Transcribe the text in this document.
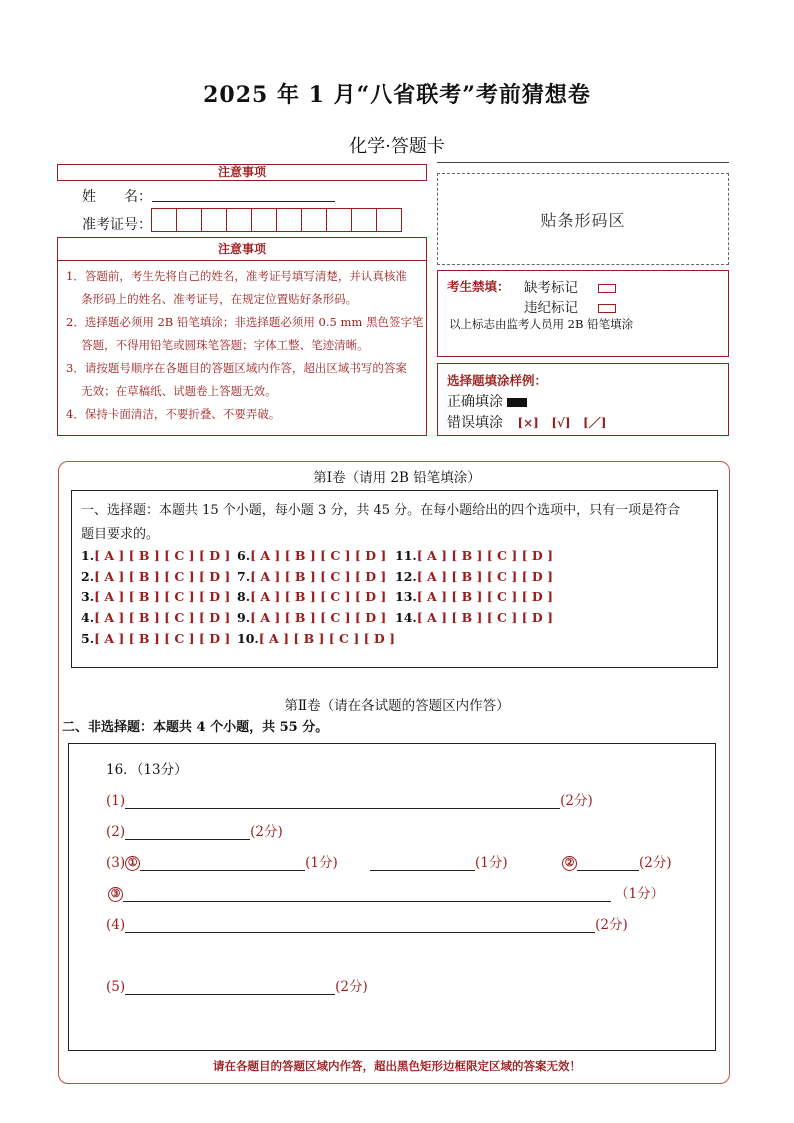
2025 年 1 月“八省联考”考前猜想卷
化学·答题卡
注意事项
姓　　名：
准考证号：
注意事项
1．答题前，考生先将自己的姓名，准考证号填写清楚，并认真核准
　 条形码上的姓名、准考证号，在规定位置贴好条形码。
2．选择题必须用 2B 铅笔填涂；非选择题必须用 0.5 mm 黑色签字笔
　 答题，不得用铅笔或圆珠笔答题；字体工整、笔迹清晰。
3．请按题号顺序在各题目的答题区域内作答，超出区域书写的答案
　 无效；在草稿纸、试题卷上答题无效。
4．保持卡面清洁，不要折叠、不要弄破。
贴条形码区
考生禁填： 缺考标记
违纪标记
以上标志由监考人员用 2B 铅笔填涂
选择题填涂样例：
正确填涂
错误填涂 [×] [√] [／]
第Ⅰ卷（请用 2B 铅笔填涂）
一、选择题：本题共 15 个小题，每小题 3 分，共 45 分。在每小题给出的四个选项中，只有一项是符合
题目要求的。
1.[ A ] [ B ] [ C ] [ D ]
2.[ A ] [ B ] [ C ] [ D ]
3.[ A ] [ B ] [ C ] [ D ]
4.[ A ] [ B ] [ C ] [ D ]
5.[ A ] [ B ] [ C ] [ D ]
6.[ A ] [ B ] [ C ] [ D ]
7.[ A ] [ B ] [ C ] [ D ]
8.[ A ] [ B ] [ C ] [ D ]
9.[ A ] [ B ] [ C ] [ D ]
10.[ A ] [ B ] [ C ] [ D ]
11.[ A ] [ B ] [ C ] [ D ]
12.[ A ] [ B ] [ C ] [ D ]
13.[ A ] [ B ] [ C ] [ D ]
14.[ A ] [ B ] [ C ] [ D ]
第Ⅱ卷（请在各试题的答题区内作答）
二、非选择题：本题共 4 个小题，共 55 分。
16．（13分）
(1)	(2分)
(2)	(2分)
(3) ①	(1分)	(1分)	②	(2分)
③	（1分）
(4)	(2分)
(5)	(2分)
请在各题目的答题区域内作答，超出黑色矩形边框限定区域的答案无效！
